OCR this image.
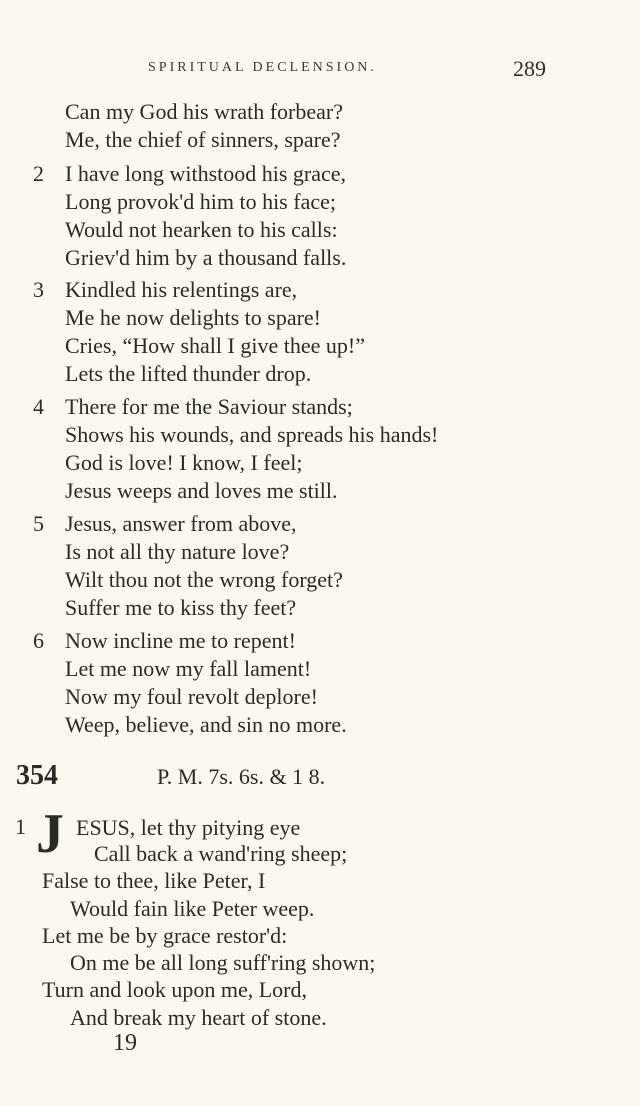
SPIRITUAL DECLENSION.	289
Can my God his wrath forbear?
Me, the chief of sinners, spare?
2 I have long withstood his grace,
Long provok'd him to his face;
Would not hearken to his calls:
Griev'd him by a thousand falls.
3 Kindled his relentings are,
Me he now delights to spare!
Cries, “How shall I give thee up!”
Lets the lifted thunder drop.
4 There for me the Saviour stands;
Shows his wounds, and spreads his hands!
God is love! I know, I feel;
Jesus weeps and loves me still.
5 Jesus, answer from above,
Is not all thy nature love?
Wilt thou not the wrong forget?
Suffer me to kiss thy feet?
6 Now incline me to repent!
Let me now my fall lament!
Now my foul revolt deplore!
Weep, believe, and sin no more.
354	P. M. 7s. 6s. & 1 8.
1 J ESUS, let thy pitying eye
Call back a wand'ring sheep;
False to thee, like Peter, I
Would fain like Peter weep.
Let me be by grace restor'd:
On me be all long suff'ring shown;
Turn and look upon me, Lord,
And break my heart of stone.
19
